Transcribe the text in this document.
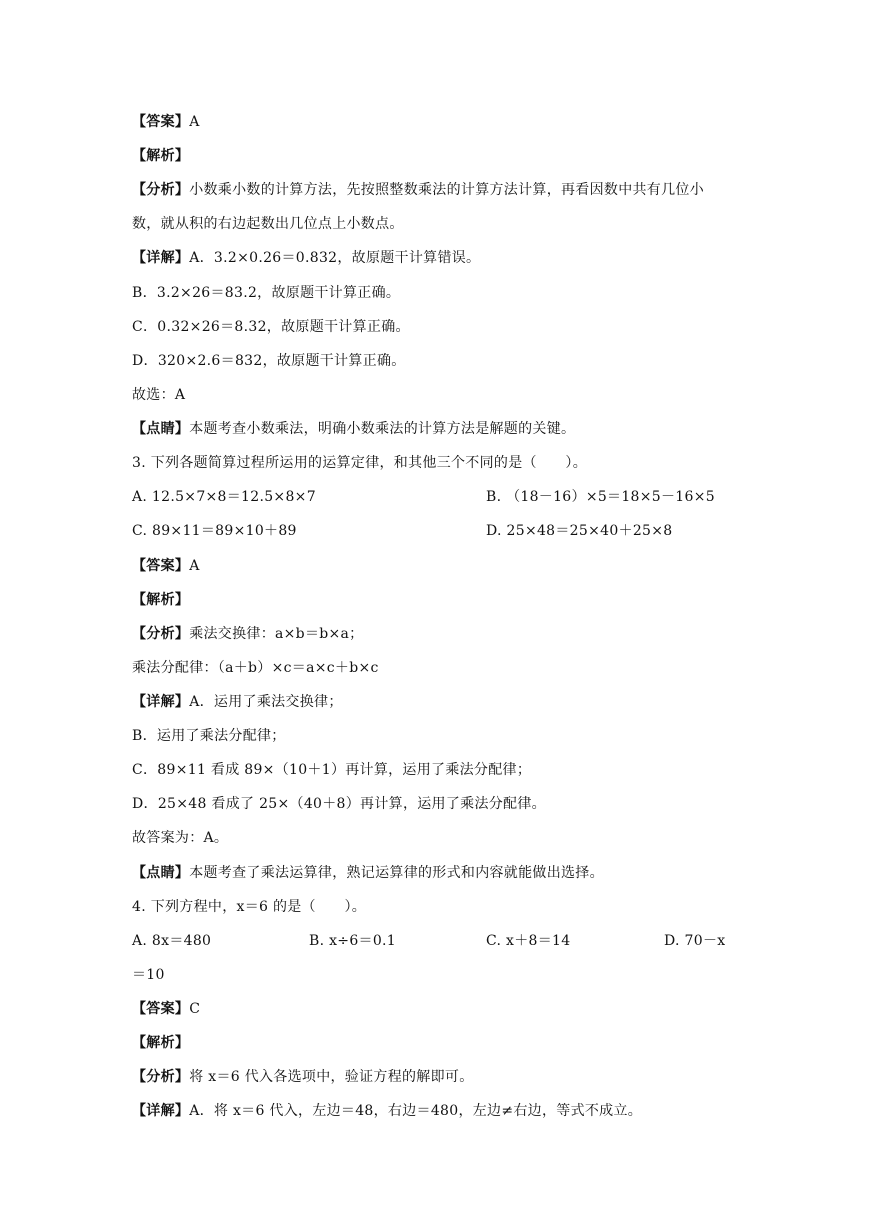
【答案】A
【解析】
【分析】小数乘小数的计算方法，先按照整数乘法的计算方法计算，再看因数中共有几位小
数，就从积的右边起数出几位点上小数点。
【详解】A．3.2×0.26＝0.832，故原题干计算错误。
B．3.2×26＝83.2，故原题干计算正确。
C．0.32×26＝8.32，故原题干计算正确。
D．320×2.6＝832，故原题干计算正确。
故选：A
【点睛】本题考查小数乘法，明确小数乘法的计算方法是解题的关键。
3. 下列各题简算过程所运用的运算定律，和其他三个不同的是（　　）。
A. 12.5×7×8＝12.5×8×7	B. （18－16）×5＝18×5－16×5
C. 89×11＝89×10＋89	D. 25×48＝25×40＋25×8
【答案】A
【解析】
【分析】乘法交换律：a×b＝b×a；
乘法分配律：（a＋b）×c＝a×c＋b×c
【详解】A．运用了乘法交换律；
B．运用了乘法分配律；
C．89×11 看成 89×（10＋1）再计算，运用了乘法分配律；
D．25×48 看成了 25×（40＋8）再计算，运用了乘法分配律。
故答案为：A。
【点睛】本题考查了乘法运算律，熟记运算律的形式和内容就能做出选择。
4. 下列方程中，x＝6 的是（　　）。
A. 8x＝480	B. x÷6＝0.1	C. x＋8＝14	D. 70－x
＝10
【答案】C
【解析】
【分析】将 x＝6 代入各选项中，验证方程的解即可。
【详解】A．将 x＝6 代入，左边＝48，右边＝480，左边≠右边，等式不成立。
